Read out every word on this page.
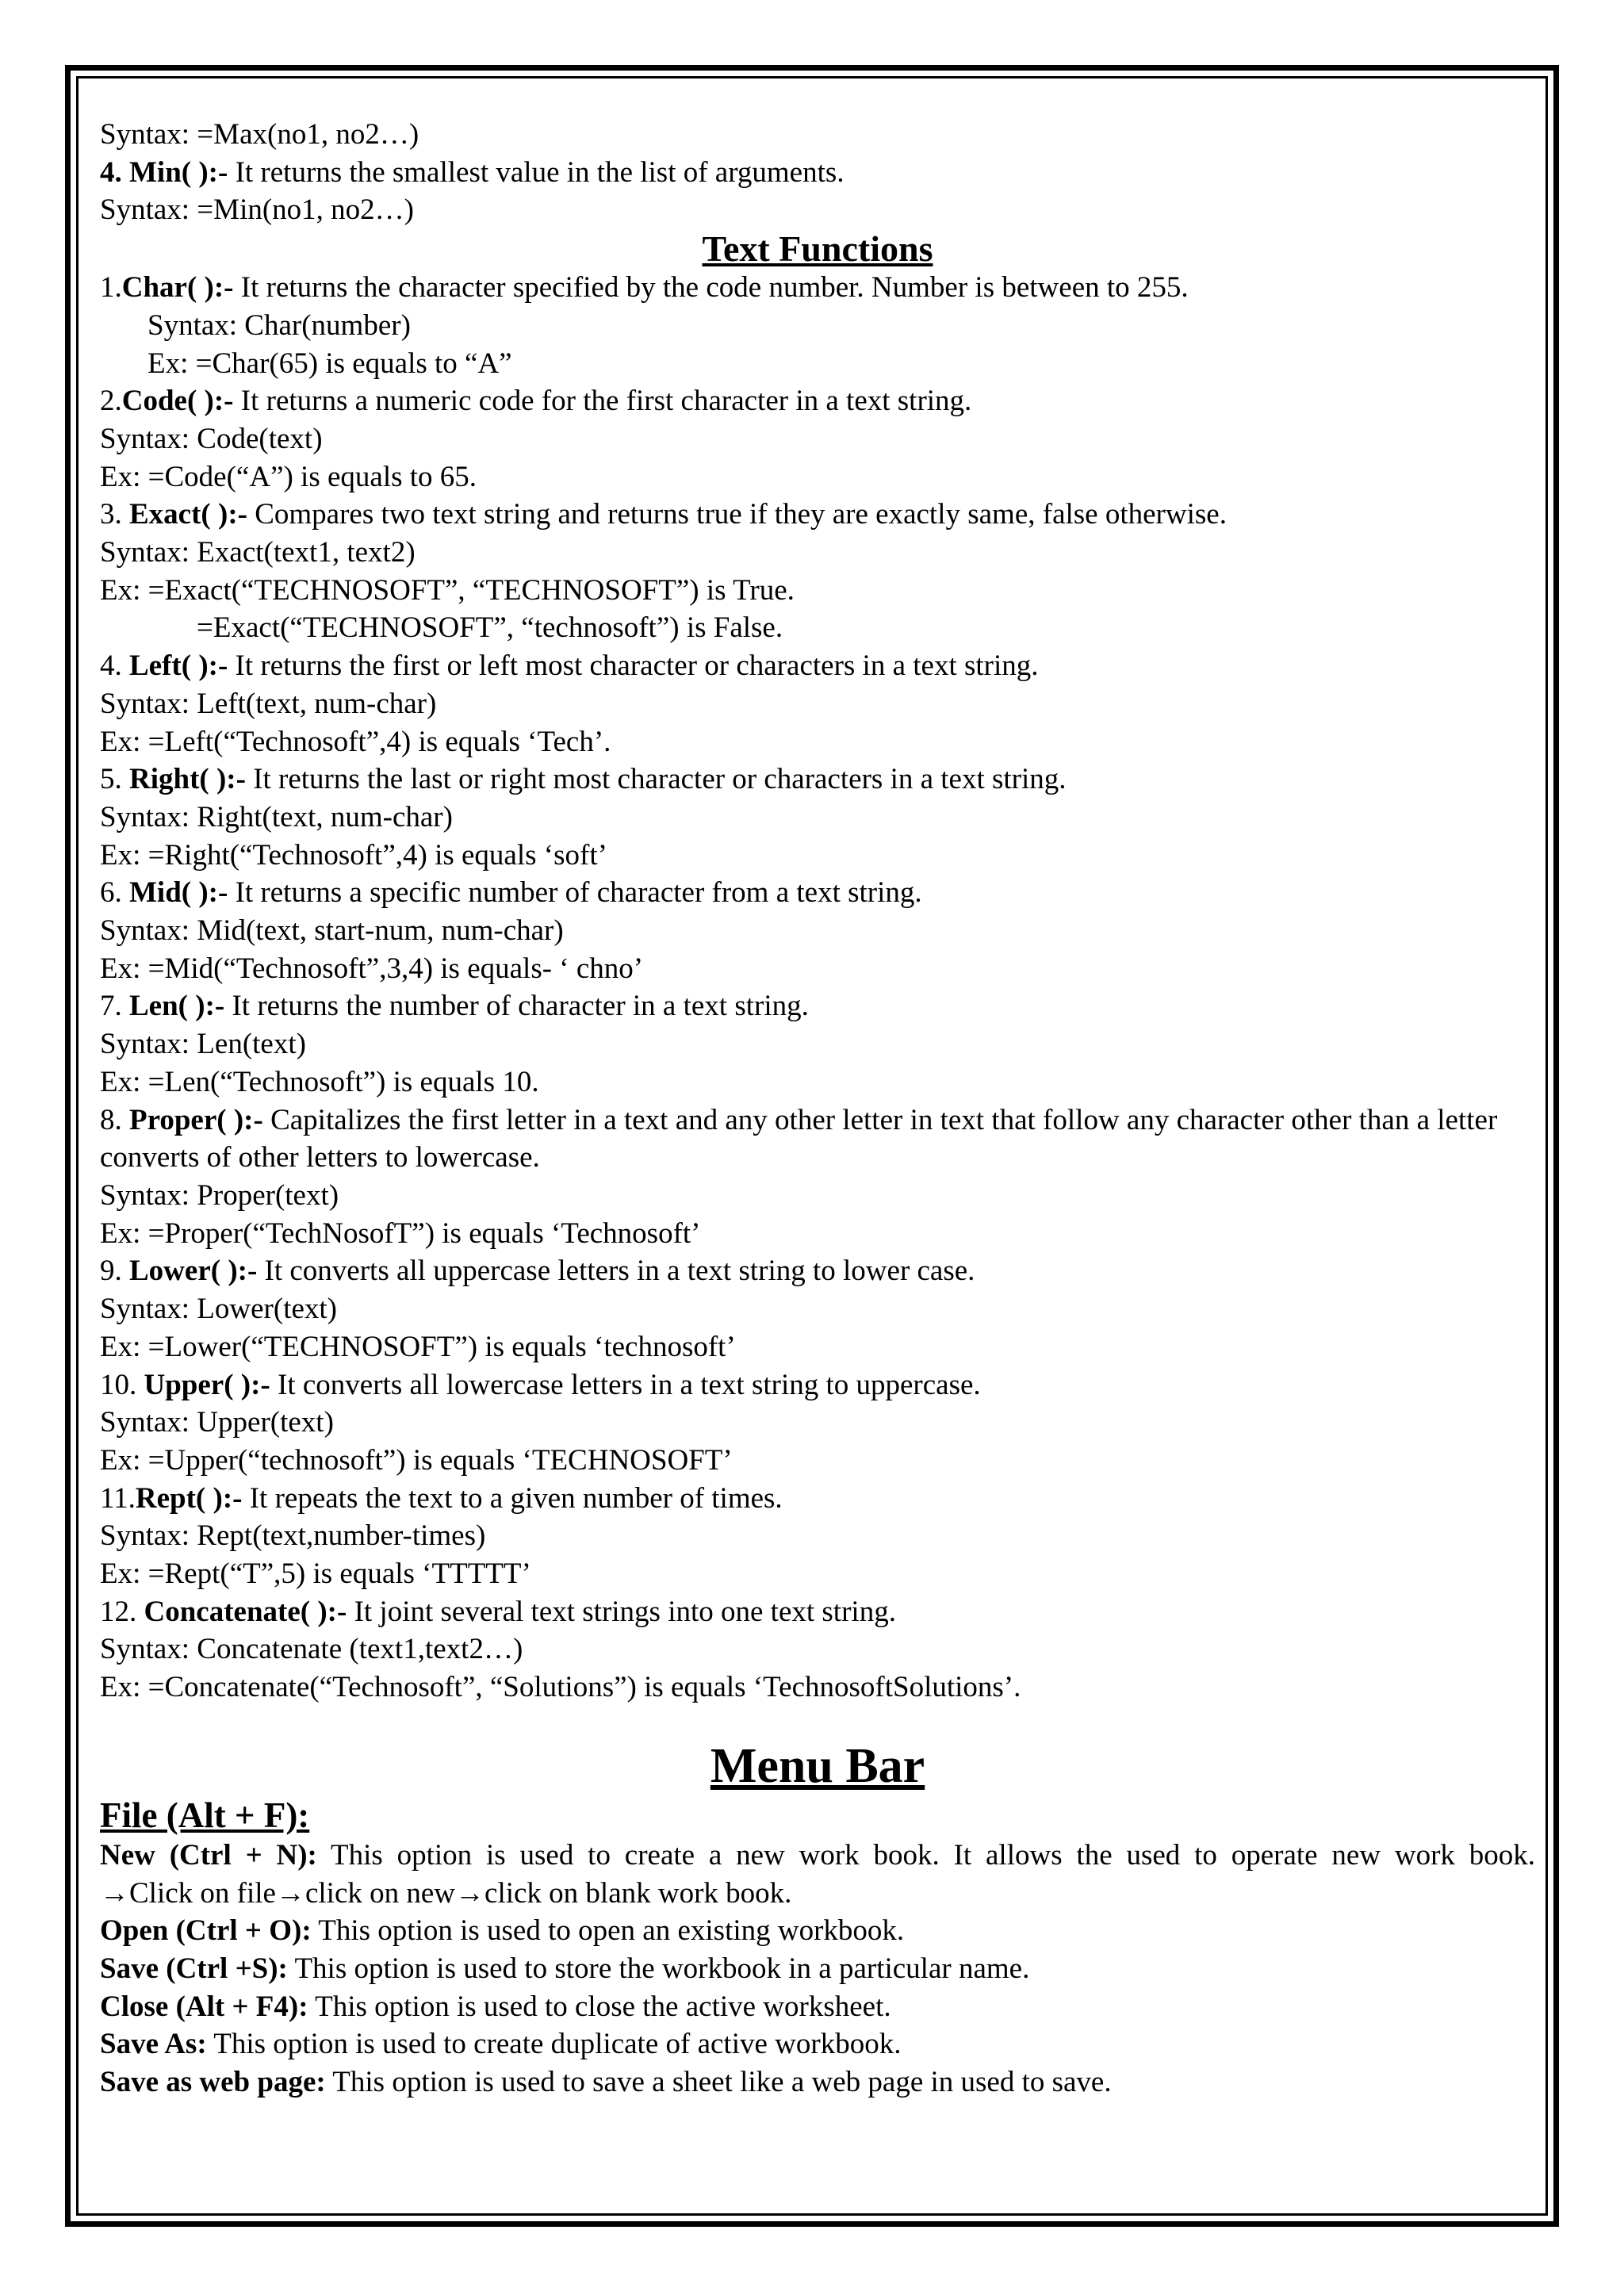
Syntax: =Max(no1, no2…)
4. Min( ):- It returns the smallest value in the list of arguments.
Syntax: =Min(no1, no2…)
Text Functions
1.Char( ):- It returns the character specified by the code number. Number is between to 255.
Syntax: Char(number)
Ex: =Char(65) is equals to “A”
2.Code( ):- It returns a numeric code for the first character in a text string.
Syntax: Code(text)
Ex: =Code(“A”) is equals to 65.
3. Exact( ):- Compares two text string and returns true if they are exactly same, false otherwise.
Syntax: Exact(text1, text2)
Ex: =Exact(“TECHNOSOFT”, “TECHNOSOFT”) is True.
=Exact(“TECHNOSOFT”, “technosoft”) is False.
4. Left( ):- It returns the first or left most character or characters in a text string.
Syntax: Left(text, num-char)
Ex: =Left(“Technosoft”,4) is equals ‘Tech’.
5. Right( ):- It returns the last or right most character or characters in a text string.
Syntax: Right(text, num-char)
Ex: =Right(“Technosoft”,4) is equals ‘soft’
6. Mid( ):- It returns a specific number of character from a text string.
Syntax: Mid(text, start-num, num-char)
Ex: =Mid(“Technosoft”,3,4) is equals- ‘ chno’
7. Len( ):- It returns the number of character in a text string.
Syntax: Len(text)
Ex: =Len(“Technosoft”) is equals 10.
8. Proper( ):- Capitalizes the first letter in a text and any other letter in text that follow any character other than a letter converts of other letters to lowercase.
Syntax: Proper(text)
Ex: =Proper(“TechNosofT”) is equals ‘Technosoft’
9. Lower( ):- It converts all uppercase letters in a text string to lower case.
Syntax: Lower(text)
Ex: =Lower(“TECHNOSOFT”) is equals ‘technosoft’
10. Upper( ):- It converts all lowercase letters in a text string to uppercase.
Syntax: Upper(text)
Ex: =Upper(“technosoft”) is equals ‘TECHNOSOFT’
11.Rept( ):- It repeats the text to a given number of times.
Syntax: Rept(text,number-times)
Ex: =Rept(“T”,5) is equals ‘TTTTT’
12. Concatenate( ):- It joint several text strings into one text string.
Syntax: Concatenate (text1,text2…)
Ex: =Concatenate(“Technosoft”, “Solutions”) is equals ‘TechnosoftSolutions’.
Menu Bar
File (Alt + F):
New (Ctrl + N): This option is used to create a new work book. It allows the used to operate new work book.
→Click on file→click on new→click on blank work book.
Open (Ctrl + O): This option is used to open an existing workbook.
Save (Ctrl +S): This option is used to store the workbook in a particular name.
Close (Alt + F4): This option is used to close the active worksheet.
Save As: This option is used to create duplicate of active workbook.
Save as web page: This option is used to save a sheet like a web page in used to save.
